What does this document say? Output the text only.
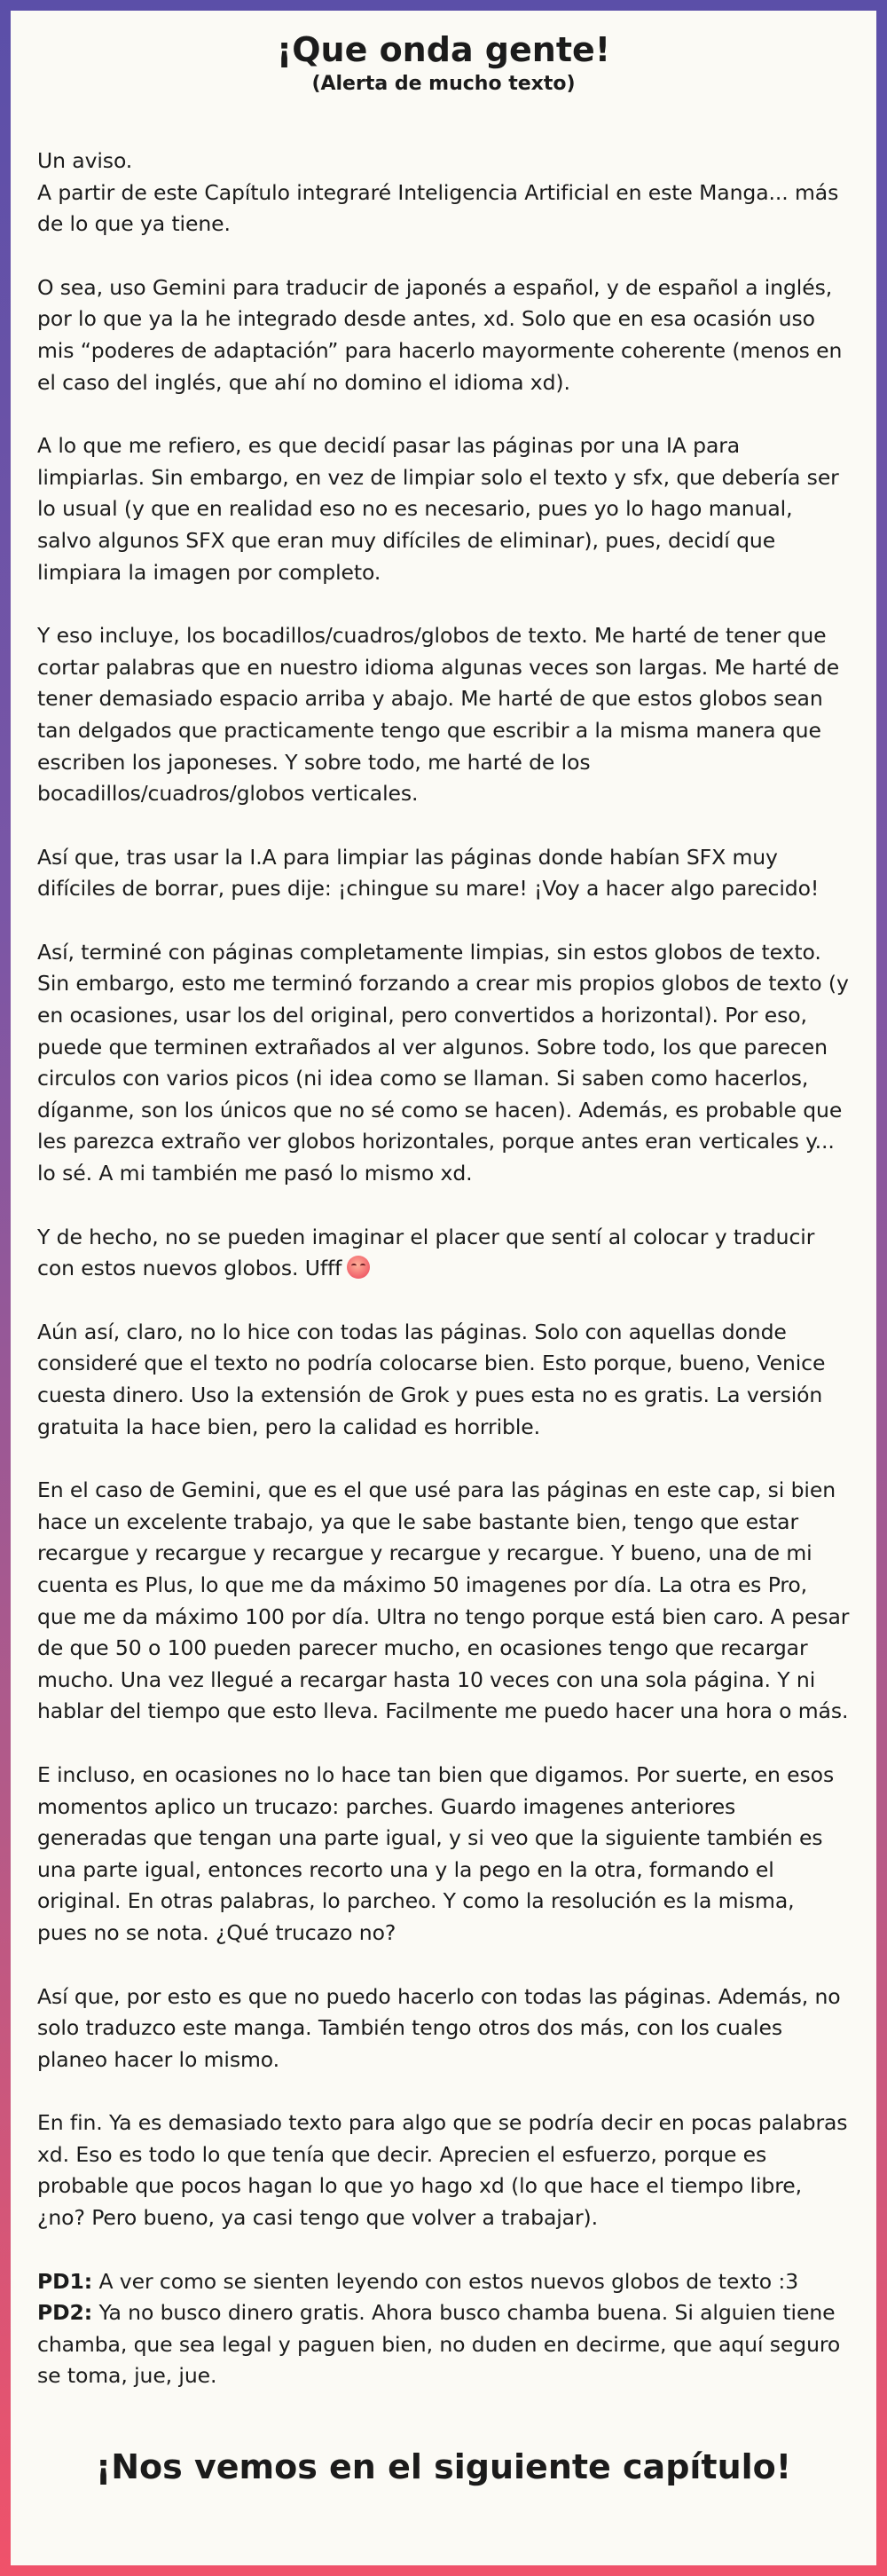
¡Que onda gente!
(Alerta de mucho texto)

Un aviso.
A partir de este Capítulo integraré Inteligencia Artificial en este Manga... más de lo que ya tiene.

O sea, uso Gemini para traducir de japonés a español, y de español a inglés, por lo que ya la he integrado desde antes, xd. Solo que en esa ocasión uso mis “poderes de adaptación” para hacerlo mayormente coherente (menos en el caso del inglés, que ahí no domino el idioma xd).

A lo que me refiero, es que decidí pasar las páginas por una IA para limpiarlas. Sin embargo, en vez de limpiar solo el texto y sfx, que debería ser lo usual (y que en realidad eso no es necesario, pues yo lo hago manual, salvo algunos SFX que eran muy difíciles de eliminar), pues, decidí que limpiara la imagen por completo.

Y eso incluye, los bocadillos/cuadros/globos de texto. Me harté de tener que cortar palabras que en nuestro idioma algunas veces son largas. Me harté de tener demasiado espacio arriba y abajo. Me harté de que estos globos sean tan delgados que practicamente tengo que escribir a la misma manera que escriben los japoneses. Y sobre todo, me harté de los bocadillos/cuadros/globos verticales.

Así que, tras usar la I.A para limpiar las páginas donde habían SFX muy difíciles de borrar, pues dije: ¡chingue su mare! ¡Voy a hacer algo parecido!

Así, terminé con páginas completamente limpias, sin estos globos de texto. Sin embargo, esto me terminó forzando a crear mis propios globos de texto (y en ocasiones, usar los del original, pero convertidos a horizontal). Por eso, puede que terminen extrañados al ver algunos. Sobre todo, los que parecen circulos con varios picos (ni idea como se llaman. Si saben como hacerlos, díganme, son los únicos que no sé como se hacen). Además, es probable que les parezca extraño ver globos horizontales, porque antes eran verticales y... lo sé. A mi también me pasó lo mismo xd.

Y de hecho, no se pueden imaginar el placer que sentí al colocar y traducir con estos nuevos globos. Ufff

Aún así, claro, no lo hice con todas las páginas. Solo con aquellas donde consideré que el texto no podría colocarse bien. Esto porque, bueno, Venice cuesta dinero. Uso la extensión de Grok y pues esta no es gratis. La versión gratuita la hace bien, pero la calidad es horrible.

En el caso de Gemini, que es el que usé para las páginas en este cap, si bien hace un excelente trabajo, ya que le sabe bastante bien, tengo que estar recargue y recargue y recargue y recargue y recargue. Y bueno, una de mi cuenta es Plus, lo que me da máximo 50 imagenes por día. La otra es Pro, que me da máximo 100 por día. Ultra no tengo porque está bien caro. A pesar de que 50 o 100 pueden parecer mucho, en ocasiones tengo que recargar mucho. Una vez llegué a recargar hasta 10 veces con una sola página. Y ni hablar del tiempo que esto lleva. Facilmente me puedo hacer una hora o más.

E incluso, en ocasiones no lo hace tan bien que digamos. Por suerte, en esos momentos aplico un trucazo: parches. Guardo imagenes anteriores generadas que tengan una parte igual, y si veo que la siguiente también es una parte igual, entonces recorto una y la pego en la otra, formando el original. En otras palabras, lo parcheo. Y como la resolución es la misma, pues no se nota. ¿Qué trucazo no?

Así que, por esto es que no puedo hacerlo con todas las páginas. Además, no solo traduzco este manga. También tengo otros dos más, con los cuales planeo hacer lo mismo.

En fin. Ya es demasiado texto para algo que se podría decir en pocas palabras xd. Eso es todo lo que tenía que decir. Aprecien el esfuerzo, porque es probable que pocos hagan lo que yo hago xd (lo que hace el tiempo libre, ¿no? Pero bueno, ya casi tengo que volver a trabajar).

PD1: A ver como se sienten leyendo con estos nuevos globos de texto :3

PD2: Ya no busco dinero gratis. Ahora busco chamba buena. Si alguien tiene chamba, que sea legal y paguen bien, no duden en decirme, que aquí seguro se toma, jue, jue.

¡Nos vemos en el siguiente capítulo!
